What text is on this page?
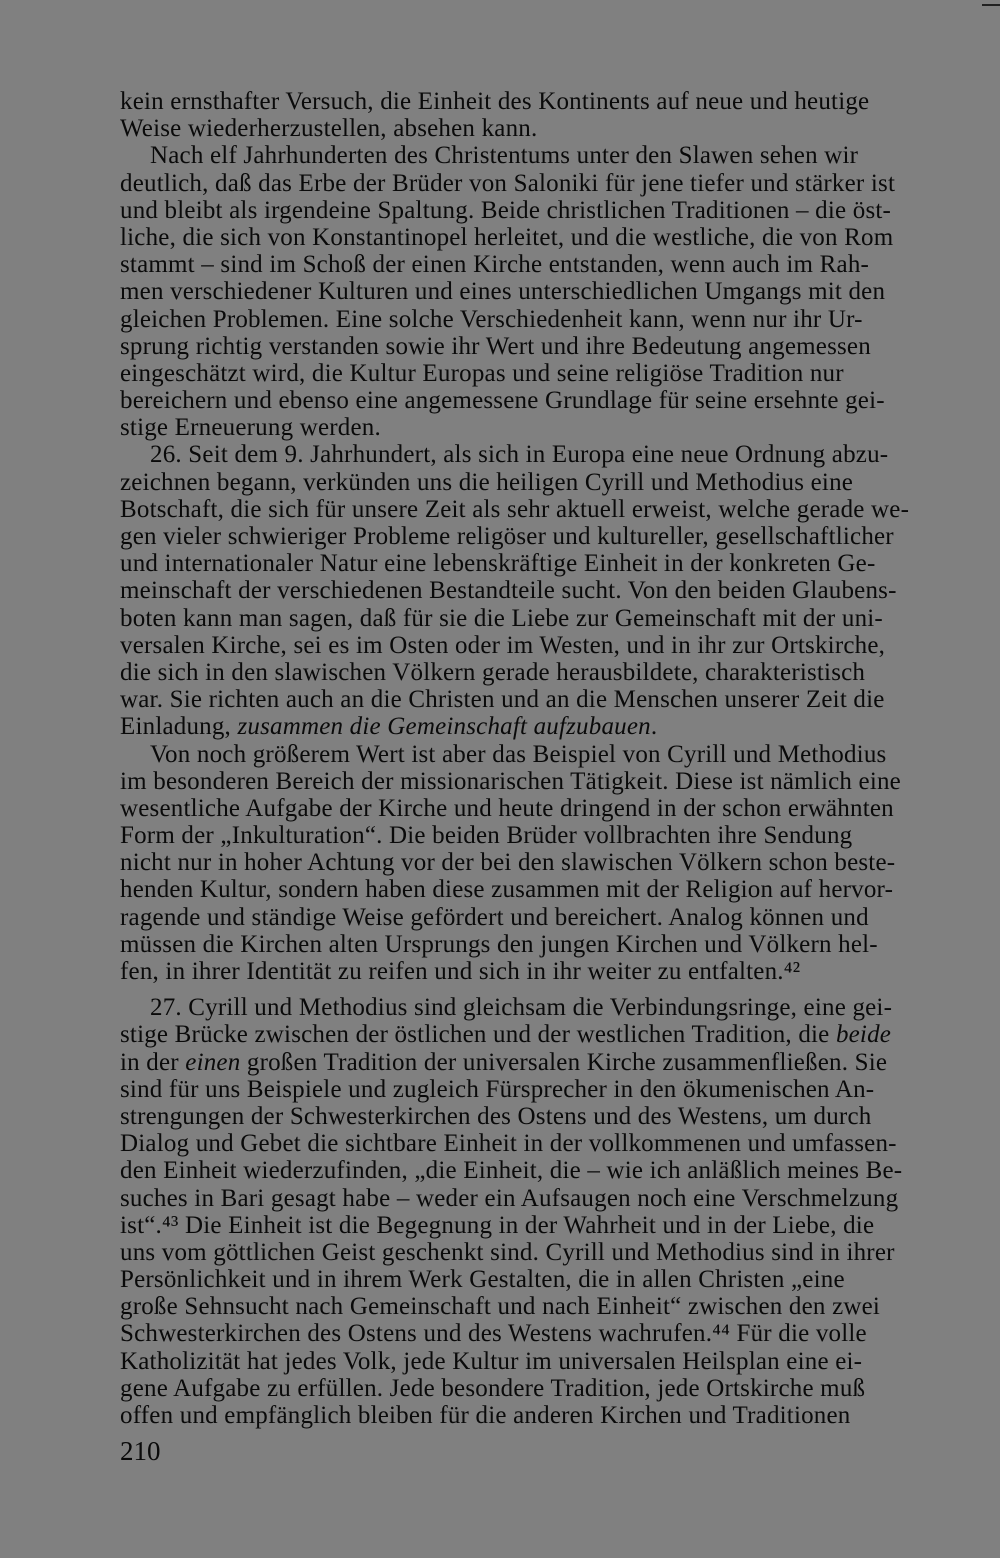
kein ernsthafter Versuch, die Einheit des Kontinents auf neue und heutige
Weise wiederherzustellen, absehen kann.
Nach elf Jahrhunderten des Christentums unter den Slawen sehen wir
deutlich, daß das Erbe der Brüder von Saloniki für jene tiefer und stärker ist
und bleibt als irgendeine Spaltung. Beide christlichen Traditionen – die öst-
liche, die sich von Konstantinopel herleitet, und die westliche, die von Rom
stammt – sind im Schoß der einen Kirche entstanden, wenn auch im Rah-
men verschiedener Kulturen und eines unterschiedlichen Umgangs mit den
gleichen Problemen. Eine solche Verschiedenheit kann, wenn nur ihr Ur-
sprung richtig verstanden sowie ihr Wert und ihre Bedeutung angemessen
eingeschätzt wird, die Kultur Europas und seine religiöse Tradition nur
bereichern und ebenso eine angemessene Grundlage für seine ersehnte gei-
stige Erneuerung werden.
26. Seit dem 9. Jahrhundert, als sich in Europa eine neue Ordnung abzu-
zeichnen begann, verkünden uns die heiligen Cyrill und Methodius eine
Botschaft, die sich für unsere Zeit als sehr aktuell erweist, welche gerade we-
gen vieler schwieriger Probleme religöser und kultureller, gesellschaftlicher
und internationaler Natur eine lebenskräftige Einheit in der konkreten Ge-
meinschaft der verschiedenen Bestandteile sucht. Von den beiden Glaubens-
boten kann man sagen, daß für sie die Liebe zur Gemeinschaft mit der uni-
versalen Kirche, sei es im Osten oder im Westen, und in ihr zur Ortskirche,
die sich in den slawischen Völkern gerade herausbildete, charakteristisch
war. Sie richten auch an die Christen und an die Menschen unserer Zeit die
Einladung, zusammen die Gemeinschaft aufzubauen.
Von noch größerem Wert ist aber das Beispiel von Cyrill und Methodius
im besonderen Bereich der missionarischen Tätigkeit. Diese ist nämlich eine
wesentliche Aufgabe der Kirche und heute dringend in der schon erwähnten
Form der „Inkulturation“. Die beiden Brüder vollbrachten ihre Sendung
nicht nur in hoher Achtung vor der bei den slawischen Völkern schon beste-
henden Kultur, sondern haben diese zusammen mit der Religion auf hervor-
ragende und ständige Weise gefördert und bereichert. Analog können und
müssen die Kirchen alten Ursprungs den jungen Kirchen und Völkern hel-
fen, in ihrer Identität zu reifen und sich in ihr weiter zu entfalten.⁴²
27. Cyrill und Methodius sind gleichsam die Verbindungsringe, eine gei-
stige Brücke zwischen der östlichen und der westlichen Tradition, die beide
in der einen großen Tradition der universalen Kirche zusammenfließen. Sie
sind für uns Beispiele und zugleich Fürsprecher in den ökumenischen An-
strengungen der Schwesterkirchen des Ostens und des Westens, um durch
Dialog und Gebet die sichtbare Einheit in der vollkommenen und umfassen-
den Einheit wiederzufinden, „die Einheit, die – wie ich anläßlich meines Be-
suches in Bari gesagt habe – weder ein Aufsaugen noch eine Verschmelzung
ist“.⁴³ Die Einheit ist die Begegnung in der Wahrheit und in der Liebe, die
uns vom göttlichen Geist geschenkt sind. Cyrill und Methodius sind in ihrer
Persönlichkeit und in ihrem Werk Gestalten, die in allen Christen „eine
große Sehnsucht nach Gemeinschaft und nach Einheit“ zwischen den zwei
Schwesterkirchen des Ostens und des Westens wachrufen.⁴⁴ Für die volle
Katholizität hat jedes Volk, jede Kultur im universalen Heilsplan eine ei-
gene Aufgabe zu erfüllen. Jede besondere Tradition, jede Ortskirche muß
offen und empfänglich bleiben für die anderen Kirchen und Traditionen
210
